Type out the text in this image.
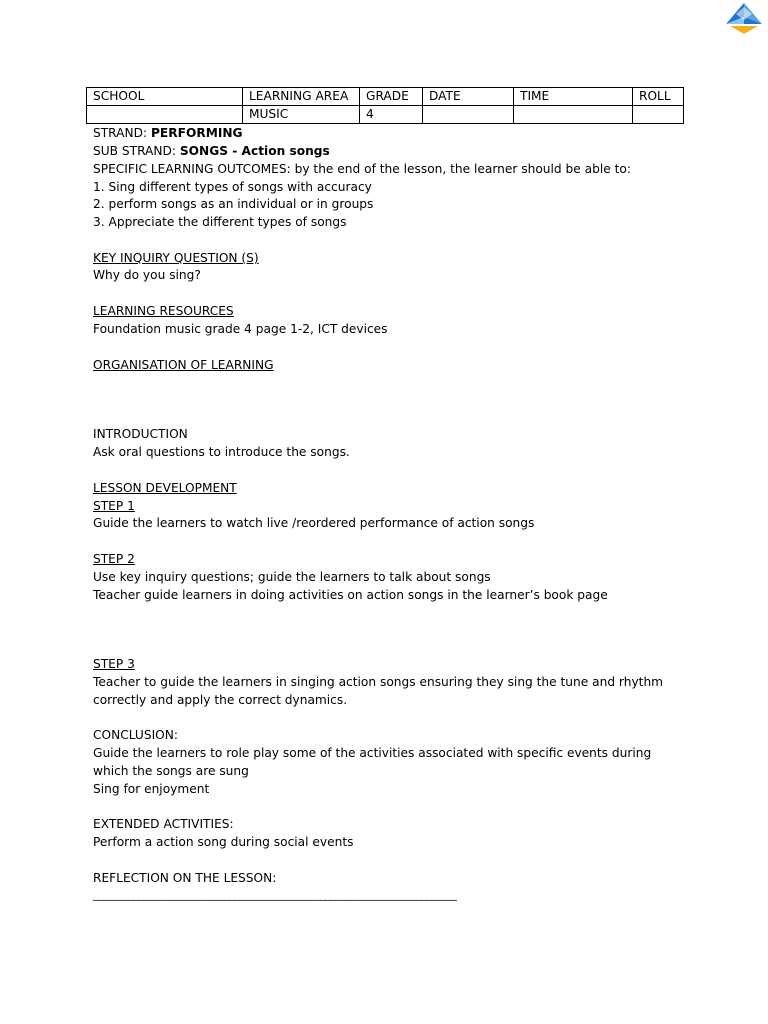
SCHOOL	LEARNING AREA	GRADE	DATE	TIME	ROLL
	MUSIC	4			
STRAND: PERFORMING
SUB STRAND: SONGS - Action songs
SPECIFIC LEARNING OUTCOMES: by the end of the lesson, the learner should be able to:
1. Sing different types of songs with accuracy
2. perform songs as an individual or in groups
3. Appreciate the different types of songs
KEY INQUIRY QUESTION (S)
Why do you sing?
LEARNING RESOURCES
Foundation music grade 4 page 1-2, ICT devices
ORGANISATION OF LEARNING
INTRODUCTION
Ask oral questions to introduce the songs.
LESSON DEVELOPMENT
STEP 1
Guide the learners to watch live /reordered performance of action songs
STEP 2
Use key inquiry questions; guide the learners to talk about songs
Teacher guide learners in doing activities on action songs in the learner’s book page
STEP 3
Teacher to guide the learners in singing action songs ensuring they sing the tune and rhythm
correctly and apply the correct dynamics.
CONCLUSION:
Guide the learners to role play some of the activities associated with specific events during
which the songs are sung
Sing for enjoyment
EXTENDED ACTIVITIES:
Perform a action song during social events
REFLECTION ON THE LESSON:
________________________________________________________________________
